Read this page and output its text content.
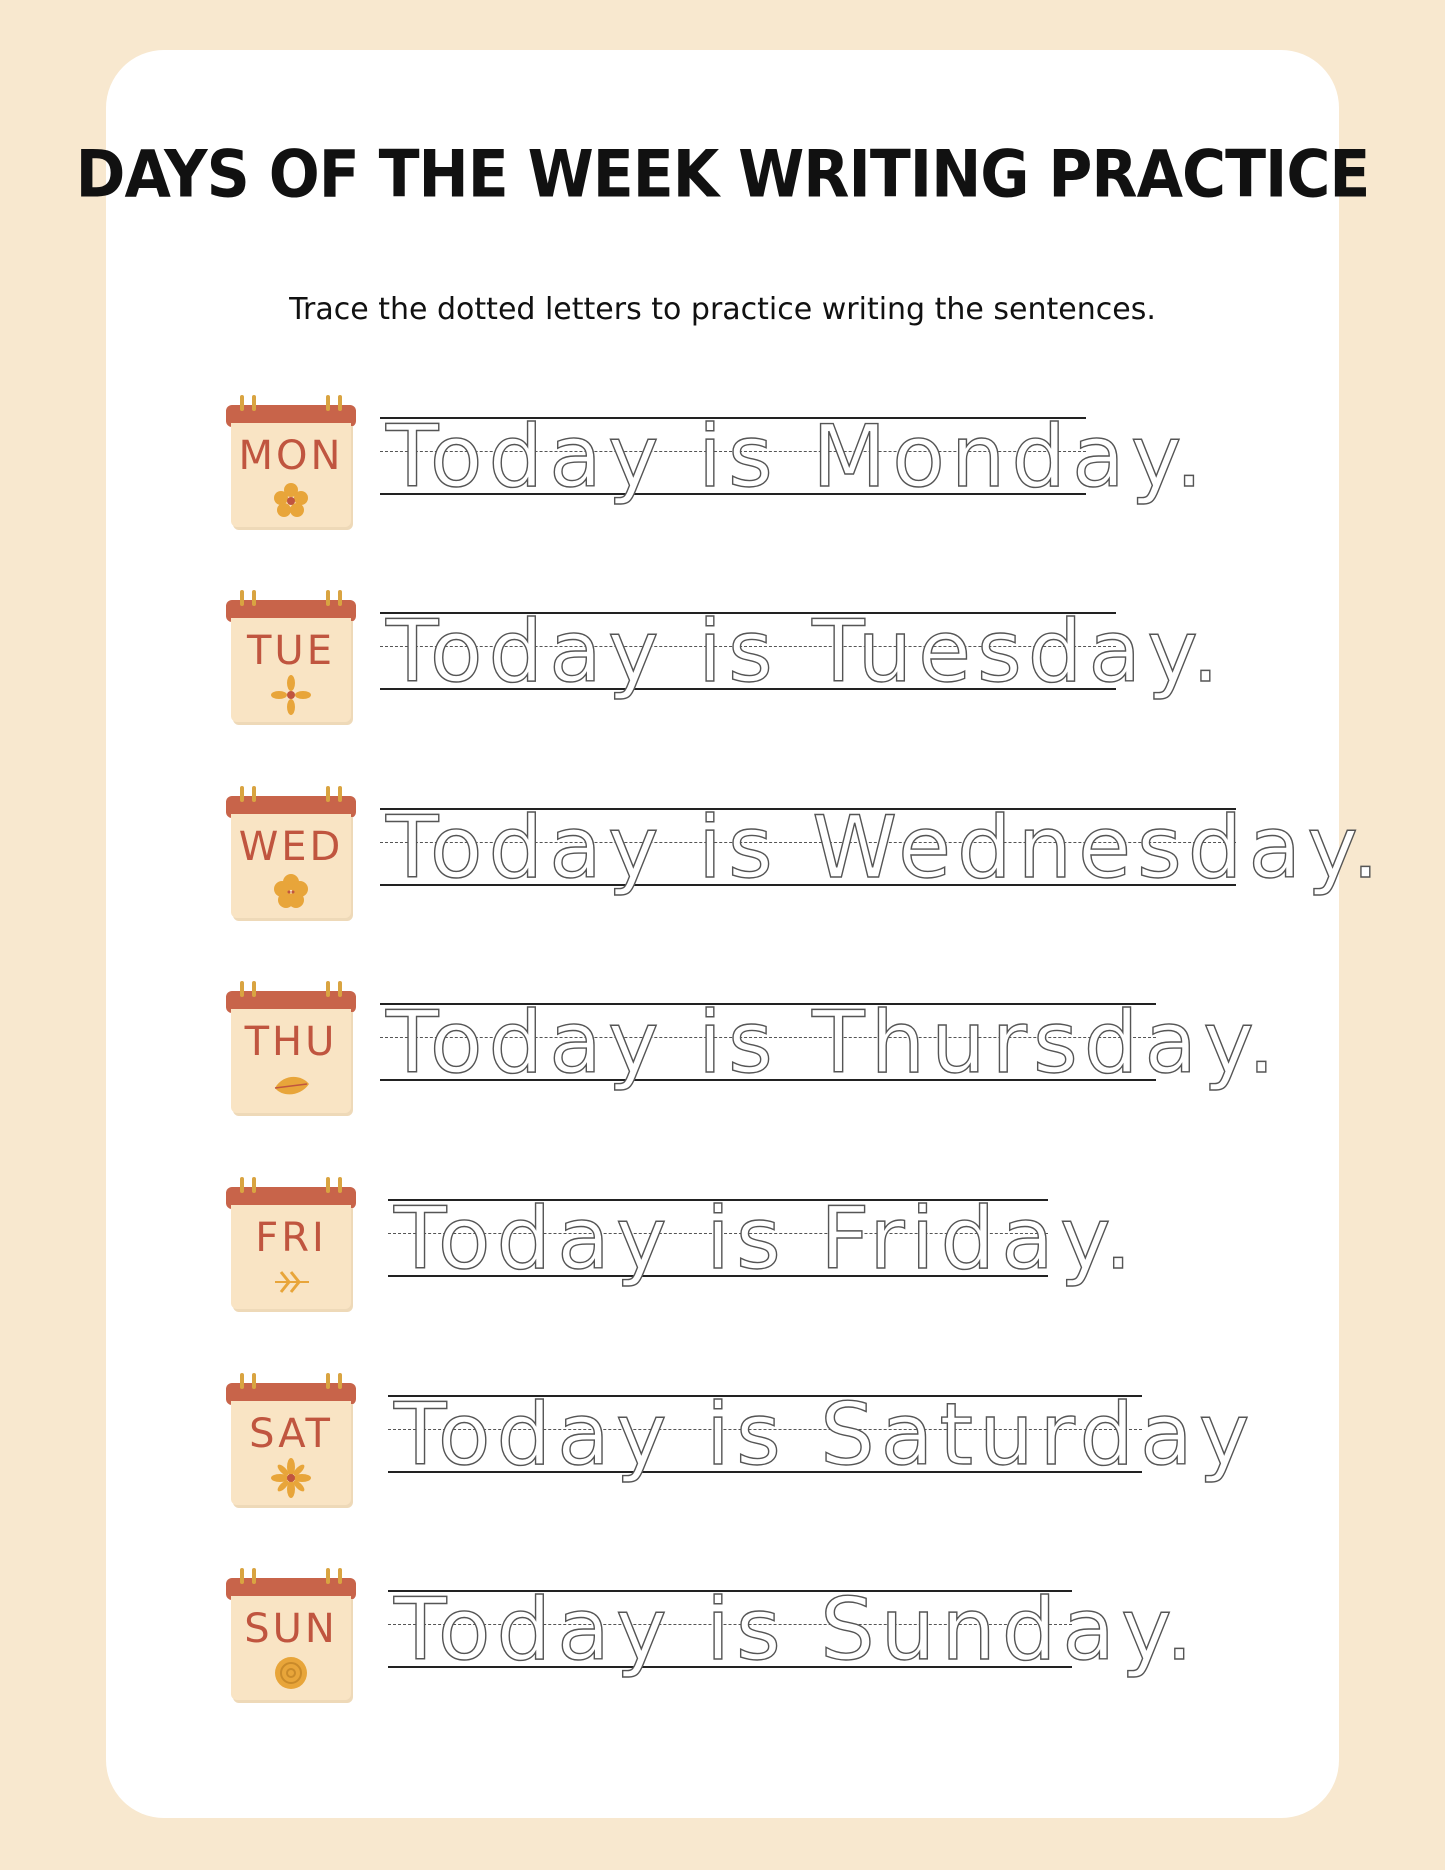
DAYS OF THE WEEK WRITING PRACTICE
Trace the dotted letters to practice writing the sentences.
MON Today is Monday.
TUE Today is Tuesday.
WED Today is Wednesday.
THU Today is Thursday.
FRI Today is Friday.
SAT Today is Saturday
SUN Today is Sunday.
